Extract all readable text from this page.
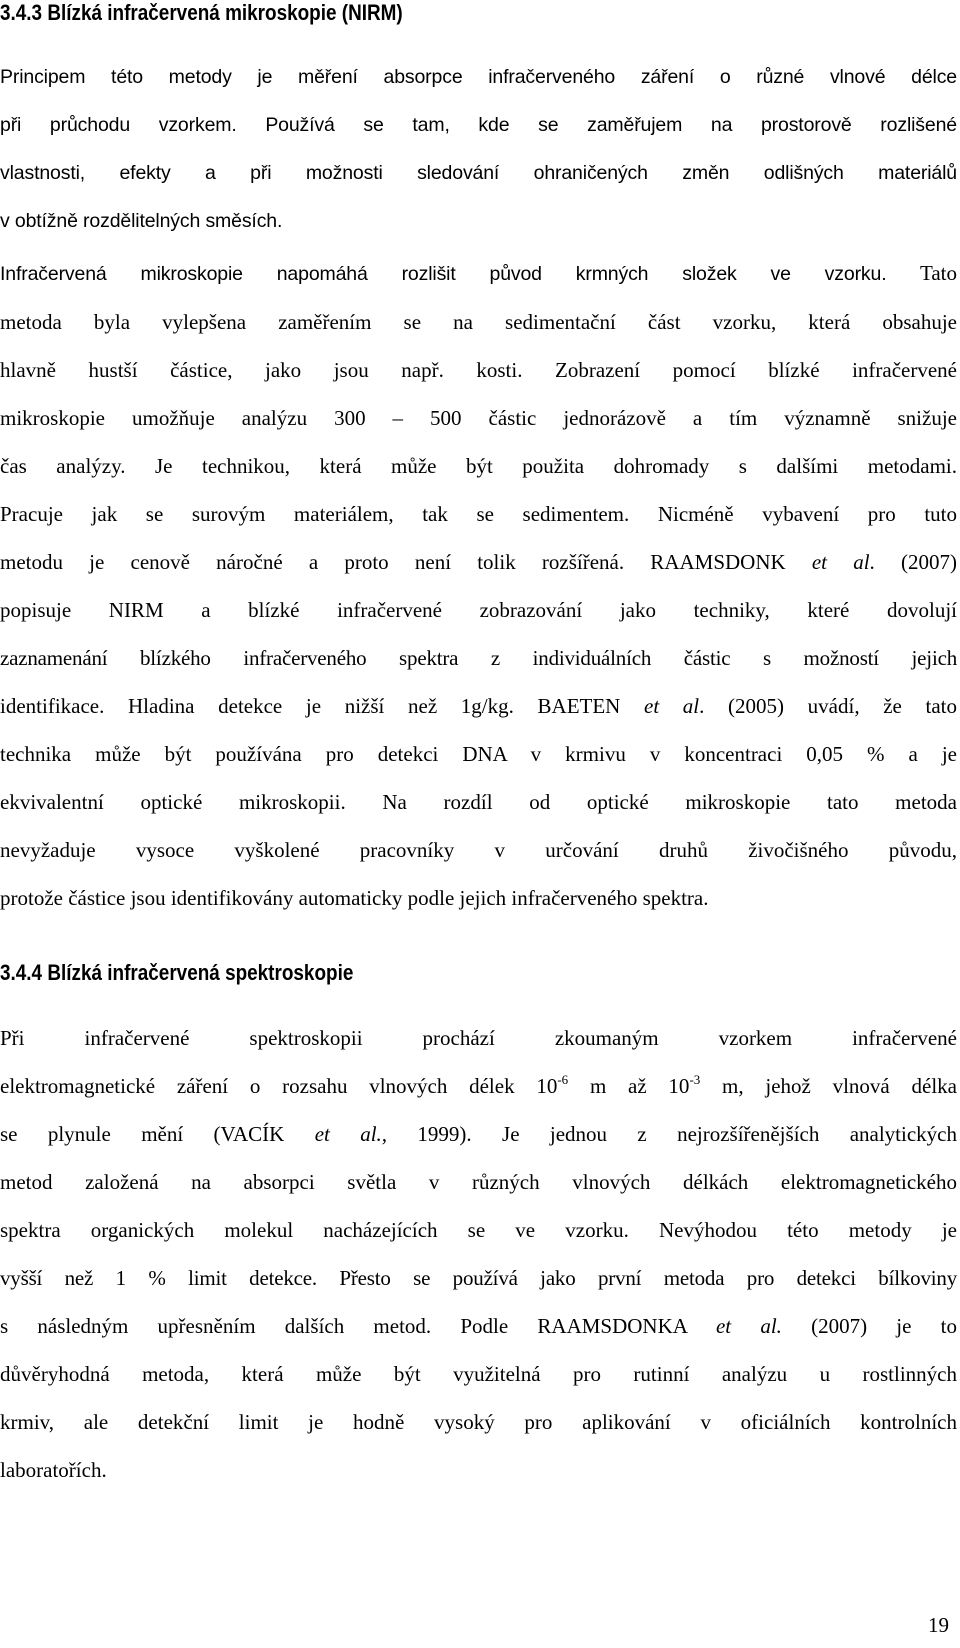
3.4.3 Blízká infračervená mikroskopie (NIRM)
Principem této metody je měření absorpce infračerveného záření o různé vlnové délce
při průchodu vzorkem. Používá se tam, kde se zaměřujem na prostorově rozlišené
vlastnosti, efekty a při možnosti sledování ohraničených změn odlišných materiálů
v obtížně rozdělitelných směsích.
Infračervená mikroskopie napomáhá rozlišit původ krmných složek ve vzorku. Tato
metoda byla vylepšena zaměřením se na sedimentační část vzorku, která obsahuje
hlavně hustší částice, jako jsou např. kosti. Zobrazení pomocí blízké infračervené
mikroskopie umožňuje analýzu 300 – 500 částic jednorázově a tím významně snižuje
čas analýzy. Je technikou, která může být použita dohromady s dalšími metodami.
Pracuje jak se surovým materiálem, tak se sedimentem. Nicméně vybavení pro tuto
metodu je cenově náročné a proto není tolik rozšířená. RAAMSDONK et al. (2007)
popisuje NIRM a blízké infračervené zobrazování jako techniky, které dovolují
zaznamenání blízkého infračerveného spektra z individuálních částic s možností jejich
identifikace. Hladina detekce je nižší než 1g/kg. BAETEN et al. (2005) uvádí, že tato
technika může být používána pro detekci DNA v krmivu v koncentraci 0,05 % a je
ekvivalentní optické mikroskopii. Na rozdíl od optické mikroskopie tato metoda
nevyžaduje vysoce vyškolené pracovníky v určování druhů živočišného původu,
protože částice jsou identifikovány automaticky podle jejich infračerveného spektra.
3.4.4 Blízká infračervená spektroskopie
Při infračervené spektroskopii prochází zkoumaným vzorkem infračervené
elektromagnetické záření o rozsahu vlnových délek $10^{-6}$ m až $10^{-3}$ m, jehož vlnová délka
se plynule mění (VACÍK et al., 1999). Je jednou z nejrozšířenějších analytických
metod založená na absorpci světla v různých vlnových délkách elektromagnetického
spektra organických molekul nacházejících se ve vzorku. Nevýhodou této metody je
vyšší než 1 % limit detekce. Přesto se používá jako první metoda pro detekci bílkoviny
s následným upřesněním dalších metod. Podle RAAMSDONKA et al. (2007) je to
důvěryhodná metoda, která může být využitelná pro rutinní analýzu u rostlinných
krmiv, ale detekční limit je hodně vysoký pro aplikování v oficiálních kontrolních
laboratořích.

19
